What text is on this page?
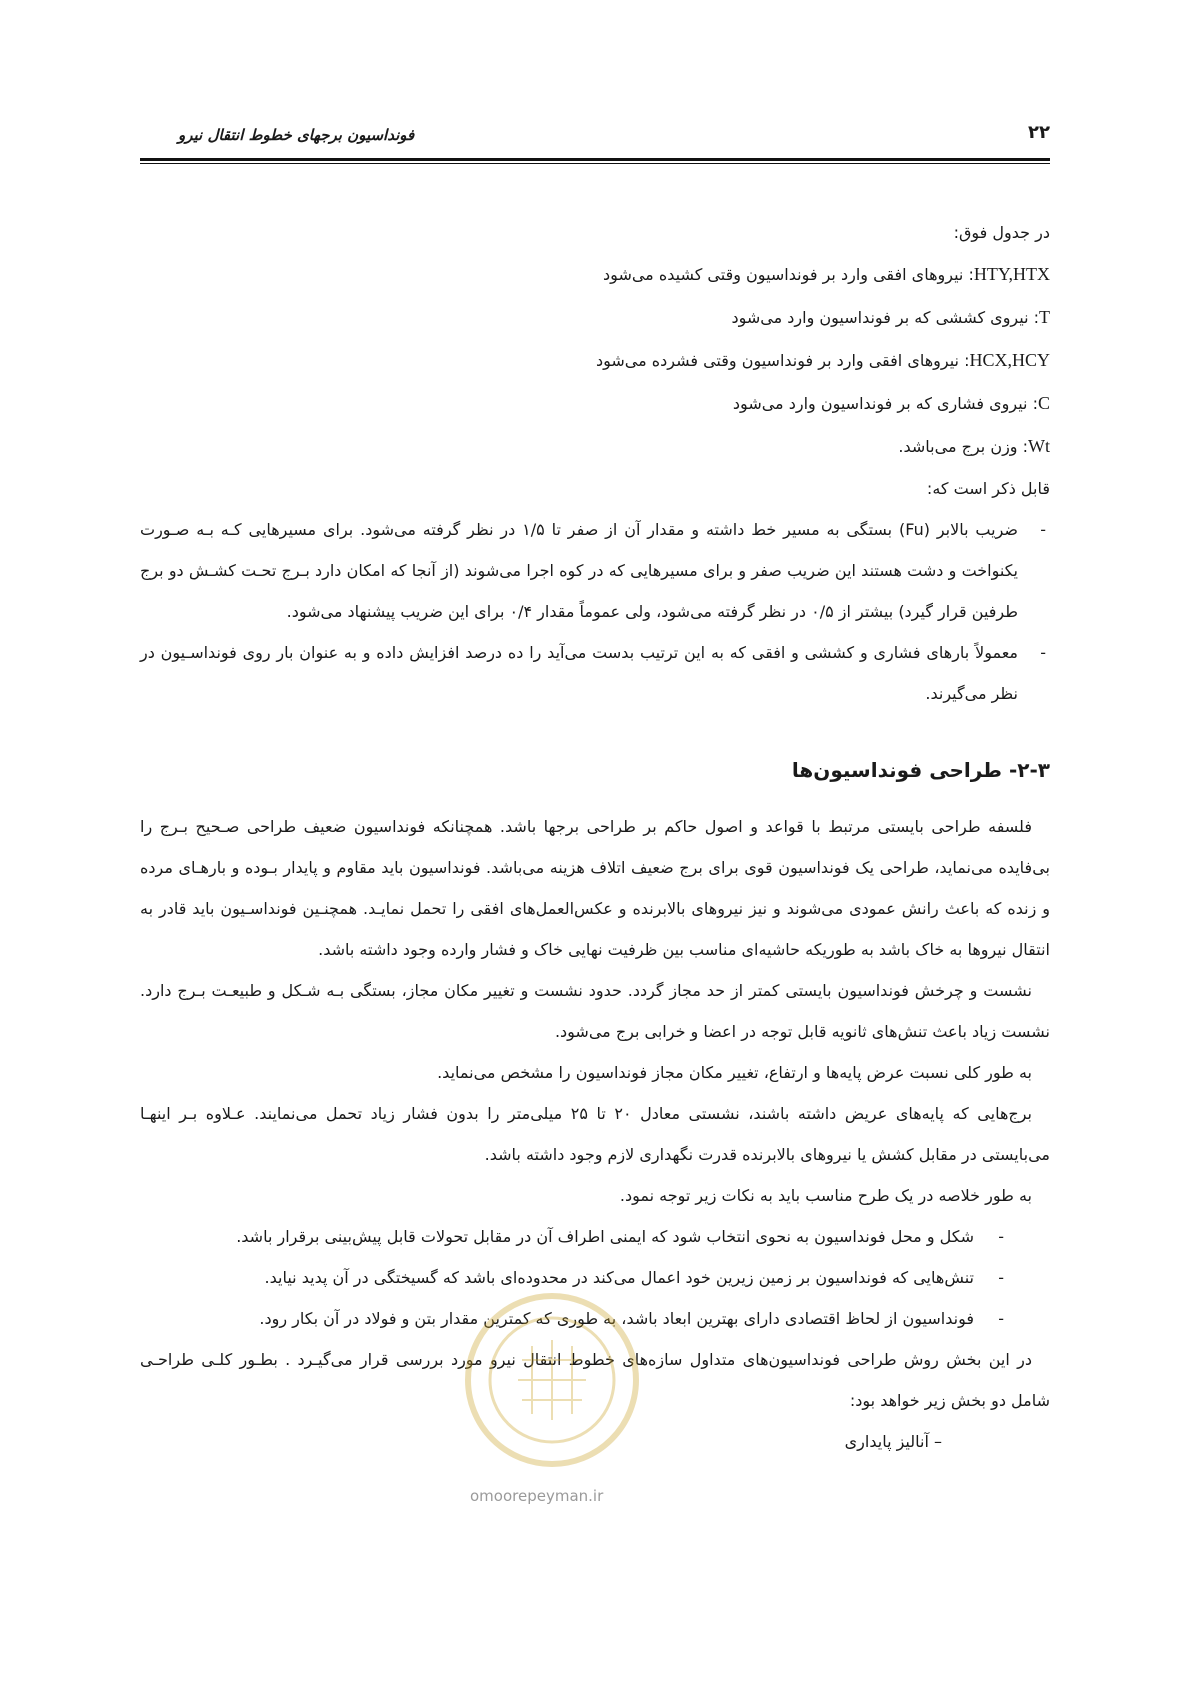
۲۲
فونداسیون برجهای خطوط انتقال نیرو

در جدول فوق:

HTY,HTX: نیروهای افقی وارد بر فونداسیون وقتی کشیده می‌شود
T: نیروی کششی که بر فونداسیون وارد می‌شود
HCX,HCY: نیروهای افقی وارد بر فونداسیون وقتی فشرده می‌شود
C: نیروی فشاری که بر فونداسیون وارد می‌شود
Wt: وزن برج می‌باشد.

قابل ذکر است که:

- ضریب بالابر (Fu) بستگی به مسیر خط داشته و مقدار آن از صفر تا ۱/۵ در نظر گرفته می‌شود. برای مسیرهایی کـه بـه صـورت یکنواخت و دشت هستند این ضریب صفر و برای مسیرهایی که در کوه اجرا می‌شوند (از آنجا که امکان دارد بـرج تحـت کشـش دو برج طرفین قرار گیرد) بیشتر از ۰/۵ در نظر گرفته می‌شود، ولی عموماً مقدار ۰/۴ برای این ضریب پیشنهاد می‌شود.
- معمولاً بارهای فشاری و کششی و افقی که به این ترتیب بدست می‌آید را ده درصد افزایش داده و به عنوان بار روی فونداسـیون در نظر می‌گیرند.
۲-۳- طراحی فونداسیون‌ها

فلسفه طراحی بایستی مرتبط با قواعد و اصول حاکم بر طراحی برجها باشد. همچنانکه فونداسیون ضعیف طراحی صـحیح بـرج را بی‌فایده می‌نماید، طراحی یک فونداسیون قوی برای برج ضعیف اتلاف هزینه می‌باشد. فونداسیون باید مقاوم و پایدار بـوده و بارهـای مرده و زنده که باعث رانش عمودی می‌شوند و نیز نیروهای بالابرنده و عکس‌العمل‌های افقی را تحمل نمایـد. همچنـین فونداسـیون باید قادر به انتقال نیروها به خاک باشد به طوریکه حاشیه‌ای مناسب بین ظرفیت نهایی خاک و فشار وارده وجود داشته باشد.

نشست و چرخش فونداسیون بایستی کمتر از حد مجاز گردد. حدود نشست و تغییر مکان مجاز، بستگی بـه شـکل و طبیعـت بـرج دارد. نشست زیاد باعث تنش‌های ثانویه قابل توجه در اعضا و خرابی برج می‌شود.

به طور کلی نسبت عرض پایه‌ها و ارتفاع، تغییر مکان مجاز فونداسیون را مشخص می‌نماید.

برج‌هایی که پایه‌های عریض داشته باشند، نشستی معادل ۲۰ تا ۲۵ میلی‌متر را بدون فشار زیاد تحمل می‌نمایند. عـلاوه بـر اینهـا می‌بایستی در مقابل کشش یا نیروهای بالابرنده قدرت نگهداری لازم وجود داشته باشد.

به طور خلاصه در یک طرح مناسب باید به نکات زیر توجه نمود.

- شکل و محل فونداسیون به نحوی انتخاب شود که ایمنی اطراف آن در مقابل تحولات قابل پیش‌بینی برقرار باشد.
- تنش‌هایی که فونداسیون بر زمین زیرین خود اعمال می‌کند در محدوده‌ای باشد که گسیختگی در آن پدید نیاید.
- فونداسیون از لحاظ اقتصادی دارای بهترین ابعاد باشد، به طوری که کمترین مقدار بتن و فولاد در آن بکار رود.

در این بخش روش طراحی فونداسیون‌های متداول سازه‌های خطوط انتقال نیرو مورد بررسی قرار می‌گیـرد . بطـور کلـی طراحـی شامل دو بخش زیر خواهد بود:

– آنالیز پایداری

omoorepeyman.ir
